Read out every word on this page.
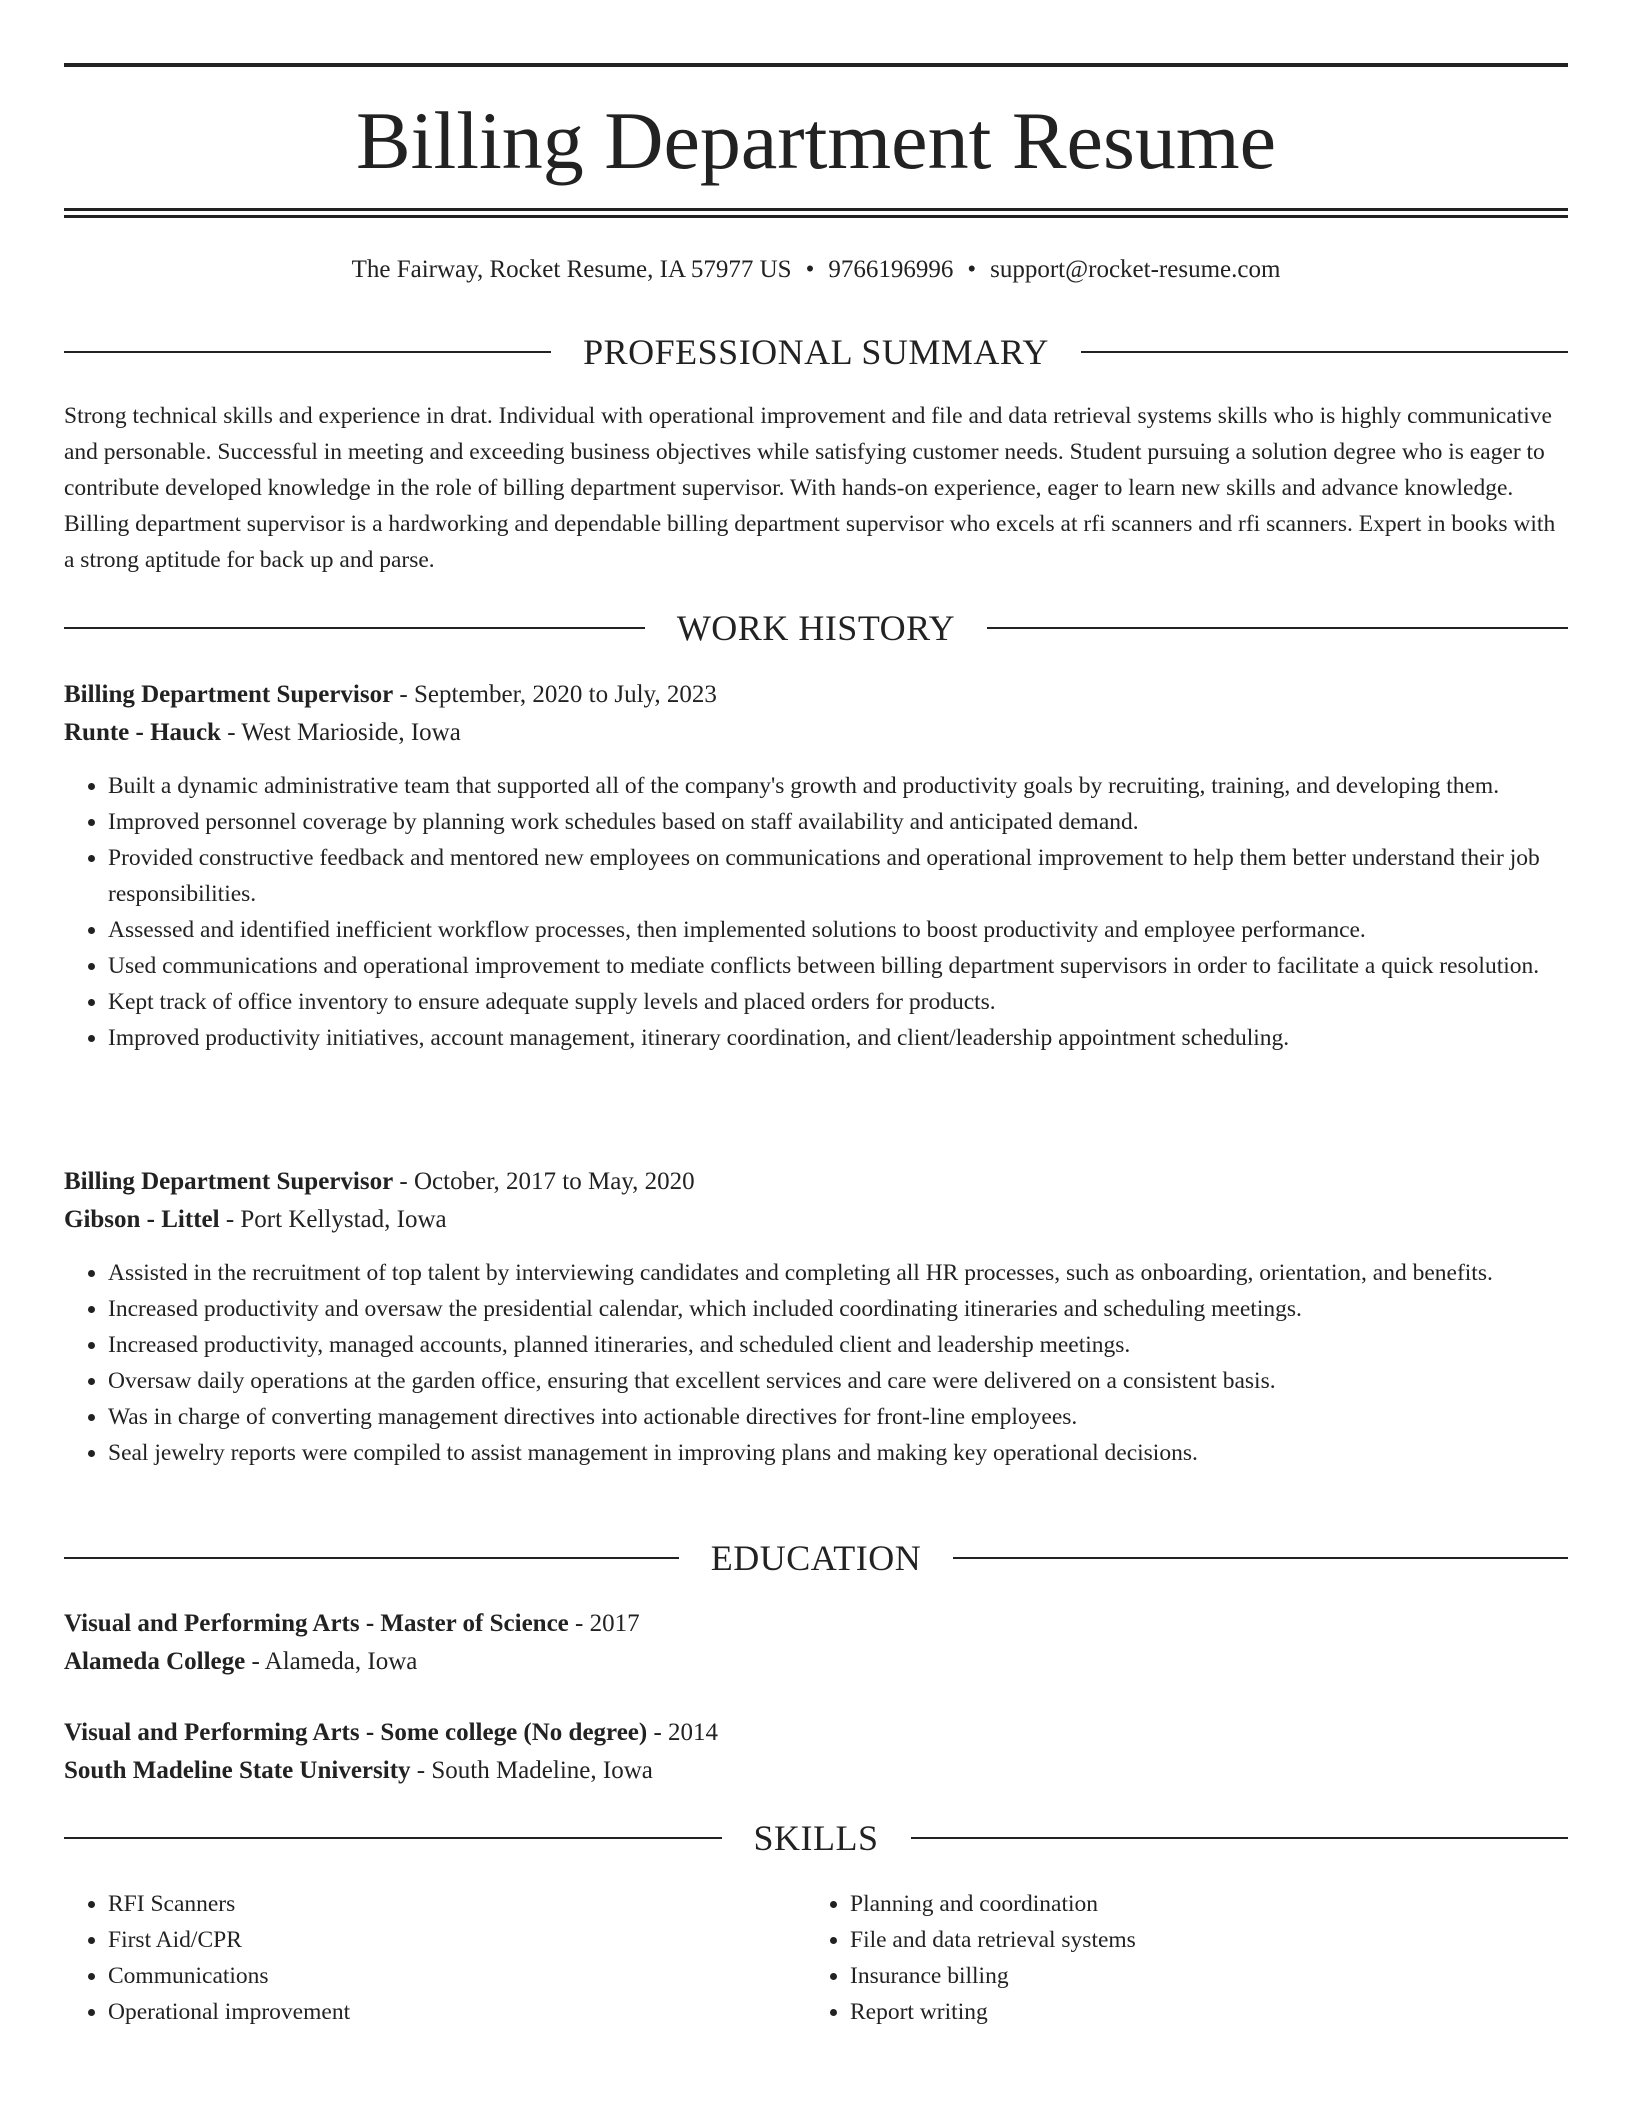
Billing Department Resume
The Fairway, Rocket Resume, IA 57977 US • 9766196996 • support@rocket-resume.com
PROFESSIONAL SUMMARY

Strong technical skills and experience in drat. Individual with operational improvement and file and data retrieval systems skills who is highly communicative and personable. Successful in meeting and exceeding business objectives while satisfying customer needs. Student pursuing a solution degree who is eager to contribute developed knowledge in the role of billing department supervisor. With hands-on experience, eager to learn new skills and advance knowledge. Billing department supervisor is a hardworking and dependable billing department supervisor who excels at rfi scanners and rfi scanners. Expert in books with a strong aptitude for back up and parse.

WORK HISTORY
Billing Department Supervisor - September, 2020 to July, 2023
Runte - Hauck - West Marioside, Iowa
• Built a dynamic administrative team that supported all of the company's growth and productivity goals by recruiting, training, and developing them.
• Improved personnel coverage by planning work schedules based on staff availability and anticipated demand.
• Provided constructive feedback and mentored new employees on communications and operational improvement to help them better understand their job responsibilities.
• Assessed and identified inefficient workflow processes, then implemented solutions to boost productivity and employee performance.
• Used communications and operational improvement to mediate conflicts between billing department supervisors in order to facilitate a quick resolution.
• Kept track of office inventory to ensure adequate supply levels and placed orders for products.
• Improved productivity initiatives, account management, itinerary coordination, and client/leadership appointment scheduling.
Billing Department Supervisor - October, 2017 to May, 2020
Gibson - Littel - Port Kellystad, Iowa
• Assisted in the recruitment of top talent by interviewing candidates and completing all HR processes, such as onboarding, orientation, and benefits.
• Increased productivity and oversaw the presidential calendar, which included coordinating itineraries and scheduling meetings.
• Increased productivity, managed accounts, planned itineraries, and scheduled client and leadership meetings.
• Oversaw daily operations at the garden office, ensuring that excellent services and care were delivered on a consistent basis.
• Was in charge of converting management directives into actionable directives for front-line employees.
• Seal jewelry reports were compiled to assist management in improving plans and making key operational decisions.
EDUCATION
Visual and Performing Arts - Master of Science - 2017
Alameda College - Alameda, Iowa
Visual and Performing Arts - Some college (No degree) - 2014
South Madeline State University - South Madeline, Iowa
SKILLS
• RFI Scanners
• First Aid/CPR
• Communications
• Operational improvement
• Planning and coordination
• File and data retrieval systems
• Insurance billing
• Report writing
